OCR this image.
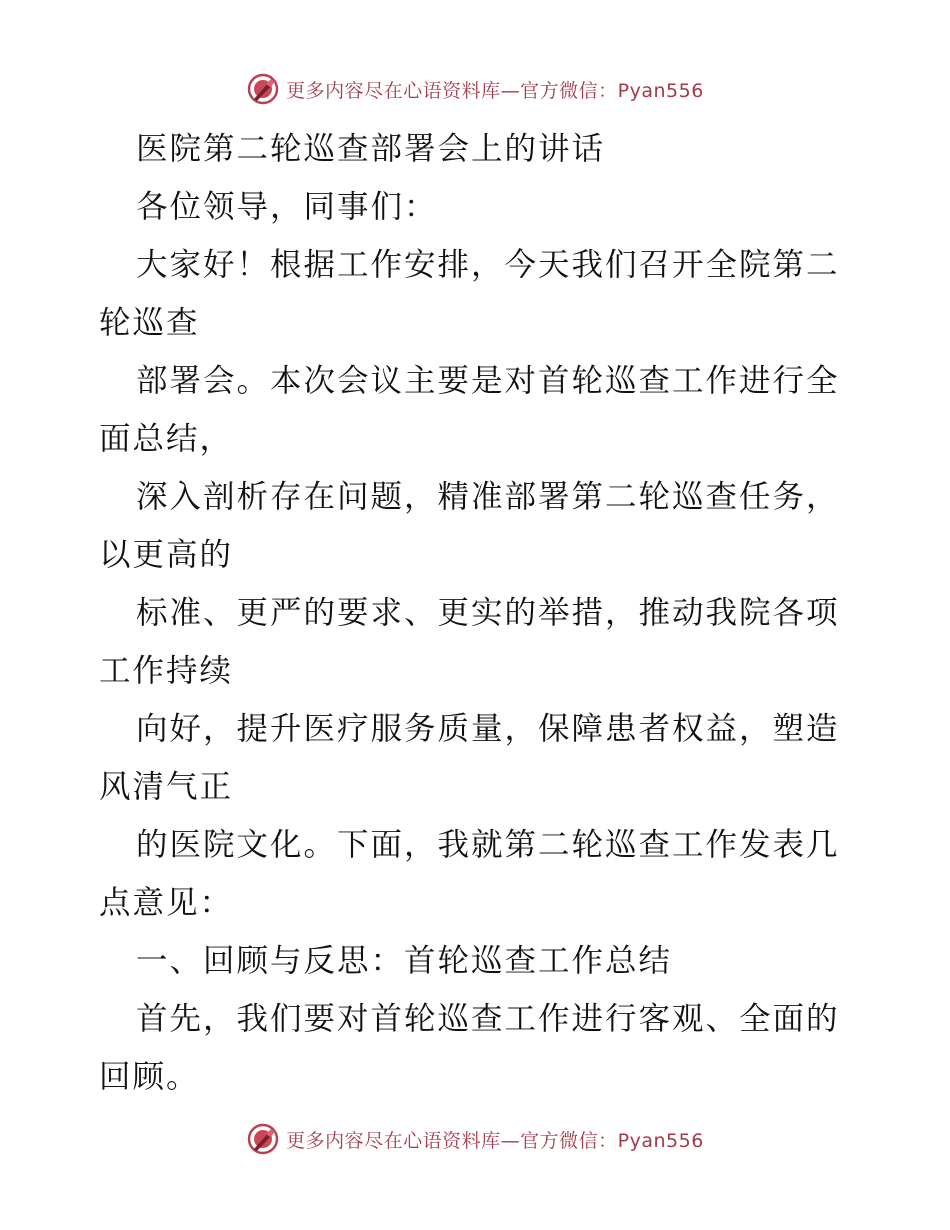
更多内容尽在心语资料库—官方微信：Pyan556
医院第二轮巡查部署会上的讲话
各位领导，同事们：
大家好！根据工作安排，今天我们召开全院第二
轮巡查
部署会。本次会议主要是对首轮巡查工作进行全
面总结，
深入剖析存在问题，精准部署第二轮巡查任务，
以更高的
标准、更严的要求、更实的举措，推动我院各项
工作持续
向好，提升医疗服务质量，保障患者权益，塑造
风清气正
的医院文化。下面，我就第二轮巡查工作发表几
点意见：
一、回顾与反思：首轮巡查工作总结
首先，我们要对首轮巡查工作进行客观、全面的
回顾。
更多内容尽在心语资料库—官方微信：Pyan556
